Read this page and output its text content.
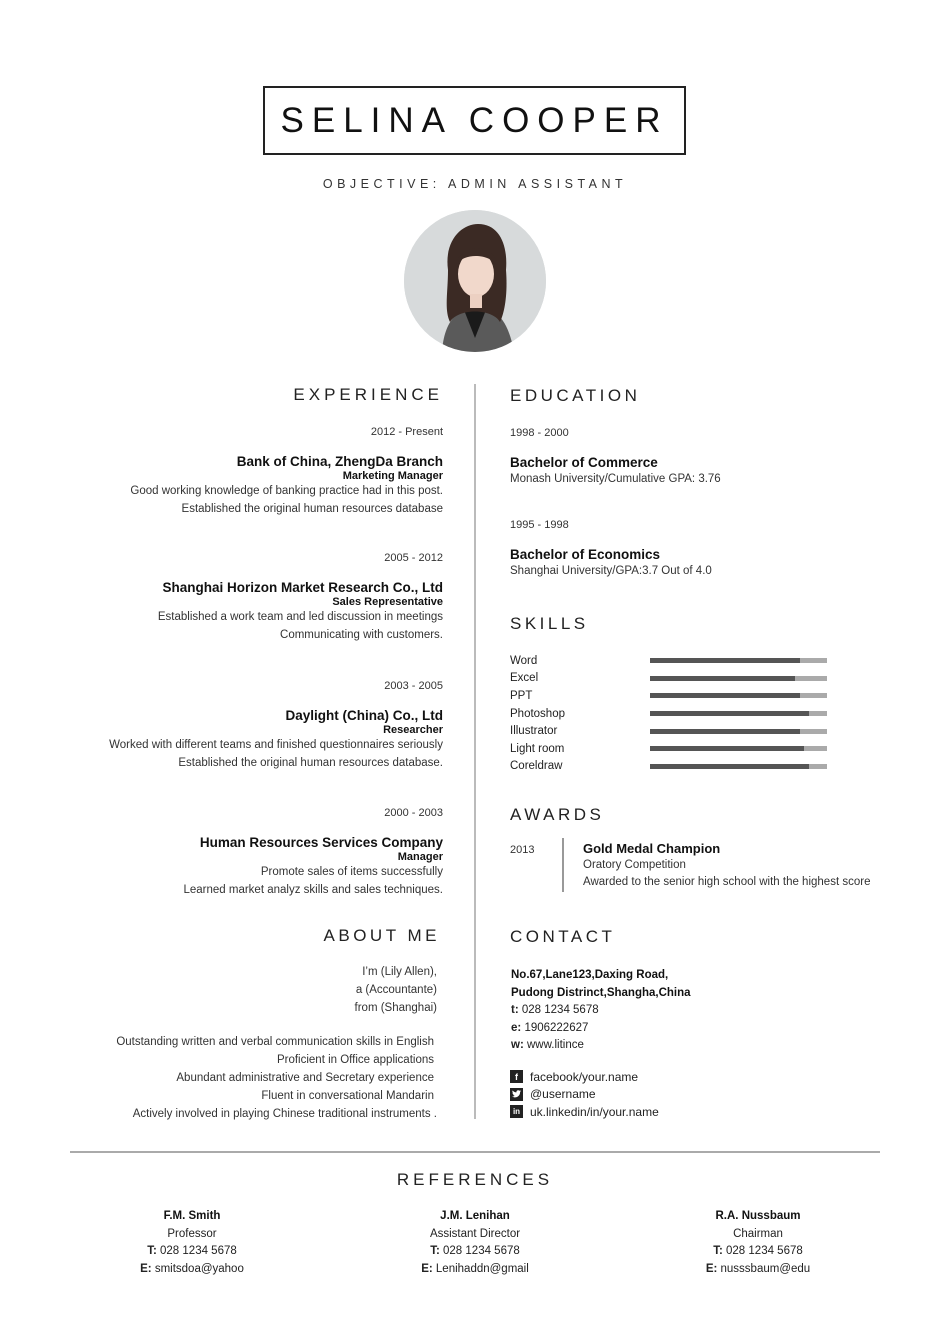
SELINA COOPER
OBJECTIVE: ADMIN ASSISTANT
EXPERIENCE
2012 - Present
Bank of China, ZhengDa Branch
Marketing Manager
Good working knowledge of banking practice had in this post.
Established the original human resources database
2005 - 2012
Shanghai Horizon Market Research Co., Ltd
Sales Representative
Established a work team and led discussion in meetings
Communicating with customers.
2003 - 2005
Daylight (China) Co., Ltd
Researcher
Worked with different teams and finished questionnaires seriously
Established the original human resources database.
2000 - 2003
Human Resources Services Company
Manager
Promote sales of items successfully
Learned market analyz skills and sales techniques.
ABOUT ME
I’m (Lily Allen),
a (Accountante)
from (Shanghai)
Outstanding written and verbal communication skills in English
Proficient in Office applications
Abundant administrative and Secretary experience
Fluent in conversational Mandarin
Actively involved in playing Chinese traditional instruments .
EDUCATION
1998 - 2000
Bachelor of Commerce
Monash University/Cumulative GPA: 3.76
1995 - 1998
Bachelor of Economics
Shanghai University/GPA:3.7 Out of 4.0
SKILLS
Word
Excel
PPT
Photoshop
Illustrator
Light room
Coreldraw
AWARDS
2013	Gold Medal Champion
Oratory Competition
Awarded to the senior high school with the highest score
CONTACT
No.67,Lane123,Daxing Road,
Pudong Distrinct,Shangha,China
t: 028 1234 5678
e: 1906222627
w: www.litince
f	facebook/your.name
@username
in uk.linkedin/in/your.name
REFERENCES
F.M. Smith
Professor
T: 028 1234 5678
E: smitsdoa@yahoo
J.M. Lenihan
Assistant Director
T: 028 1234 5678
E: Lenihaddn@gmail
R.A. Nussbaum
Chairman
T: 028 1234 5678
E: nusssbaum@edu
